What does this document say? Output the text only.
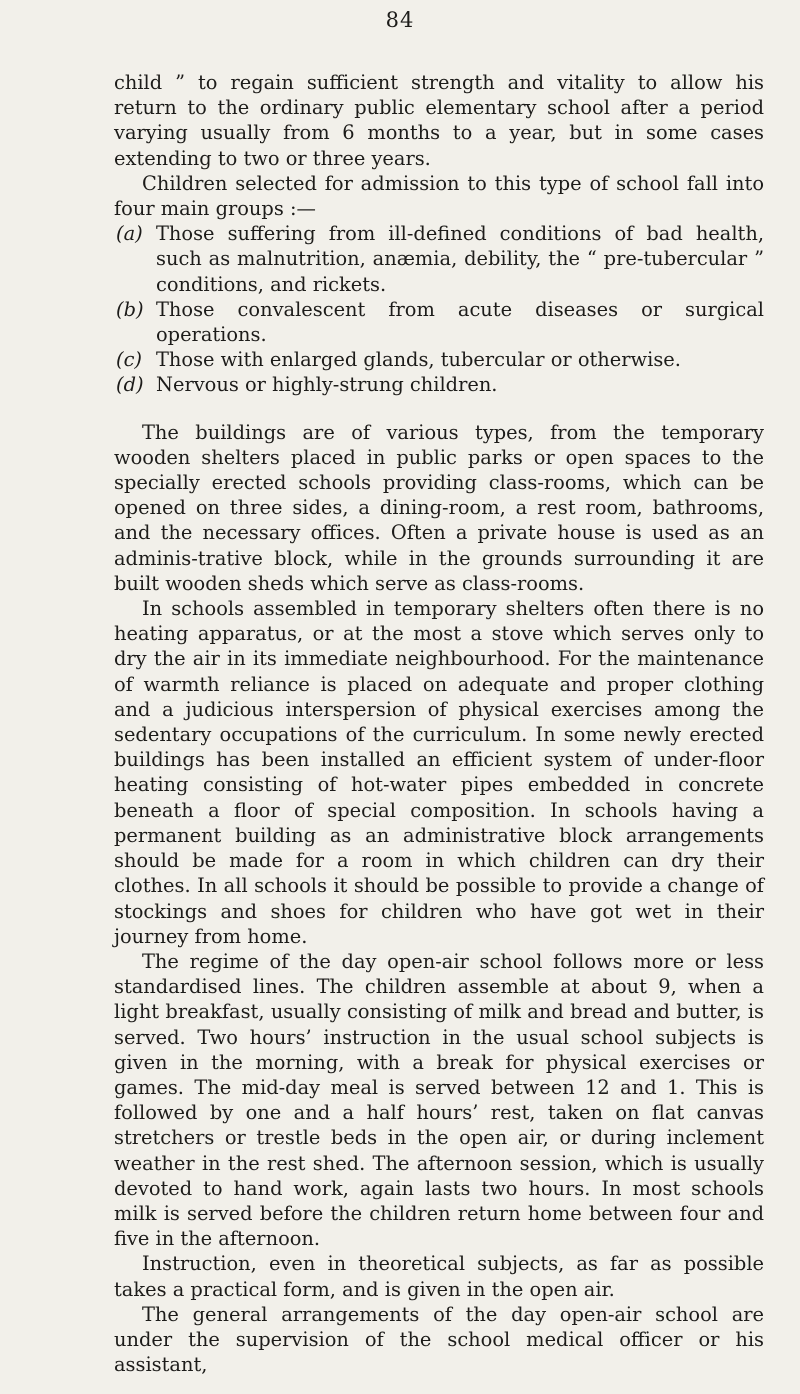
84

child ” to regain sufficient strength and vitality to allow his return to the ordinary public elementary school after a period varying usually from 6 months to a year, but in some cases extending to two or three years.

Children selected for admission to this type of school fall into four main groups :—

(a) Those suffering from ill-defined conditions of bad health, such as malnutrition, anæmia, debility, the “ pre-tubercular ” conditions, and rickets.
(b) Those convalescent from acute diseases or surgical operations.
(c) Those with enlarged glands, tubercular or otherwise.
(d) Nervous or highly-strung children.

The buildings are of various types, from the temporary wooden shelters placed in public parks or open spaces to the specially erected schools providing class-rooms, which can be opened on three sides, a dining-room, a rest room, bathrooms, and the necessary offices. Often a private house is used as an adminis-trative block, while in the grounds surrounding it are built wooden sheds which serve as class-rooms.

In schools assembled in temporary shelters often there is no heating apparatus, or at the most a stove which serves only to dry the air in its immediate neighbourhood. For the maintenance of warmth reliance is placed on adequate and proper clothing and a judicious interspersion of physical exercises among the sedentary occupations of the curriculum. In some newly erected buildings has been installed an efficient system of under-floor heating consisting of hot-water pipes embedded in concrete beneath a floor of special composition. In schools having a permanent building as an administrative block arrangements should be made for a room in which children can dry their clothes. In all schools it should be possible to provide a change of stockings and shoes for children who have got wet in their journey from home.

The regime of the day open-air school follows more or less standardised lines. The children assemble at about 9, when a light breakfast, usually consisting of milk and bread and butter, is served. Two hours’ instruction in the usual school subjects is given in the morning, with a break for physical exercises or games. The mid-day meal is served between 12 and 1. This is followed by one and a half hours’ rest, taken on flat canvas stretchers or trestle beds in the open air, or during inclement weather in the rest shed. The afternoon session, which is usually devoted to hand work, again lasts two hours. In most schools milk is served before the children return home between four and five in the afternoon.

Instruction, even in theoretical subjects, as far as possible takes a practical form, and is given in the open air.

The general arrangements of the day open-air school are under the supervision of the school medical officer or his assistant,
